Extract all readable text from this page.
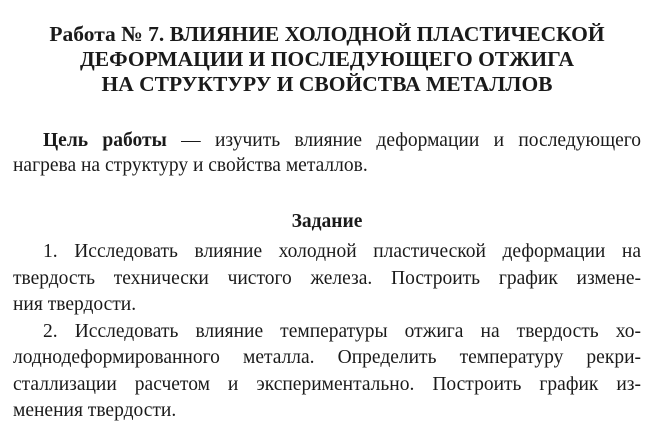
Работа № 7. ВЛИЯНИЕ ХОЛОДНОЙ ПЛАСТИЧЕСКОЙ
ДЕФОРМАЦИИ И ПОСЛЕДУЮЩЕГО ОТЖИГА
НА СТРУКТУРУ И СВОЙСТВА МЕТАЛЛОВ
Цель работы — изучить влияние деформации и последующего
нагрева на структуру и свойства металлов.
Задание
1. Исследовать влияние холодной пластической деформации на
твердость технически чистого железа. Построить график измене-
ния твердости.
2. Исследовать влияние температуры отжига на твердость хо-
лоднодеформированного металла. Определить температуру рекри-
сталлизации расчетом и экспериментально. Построить график из-
менения твердости.
